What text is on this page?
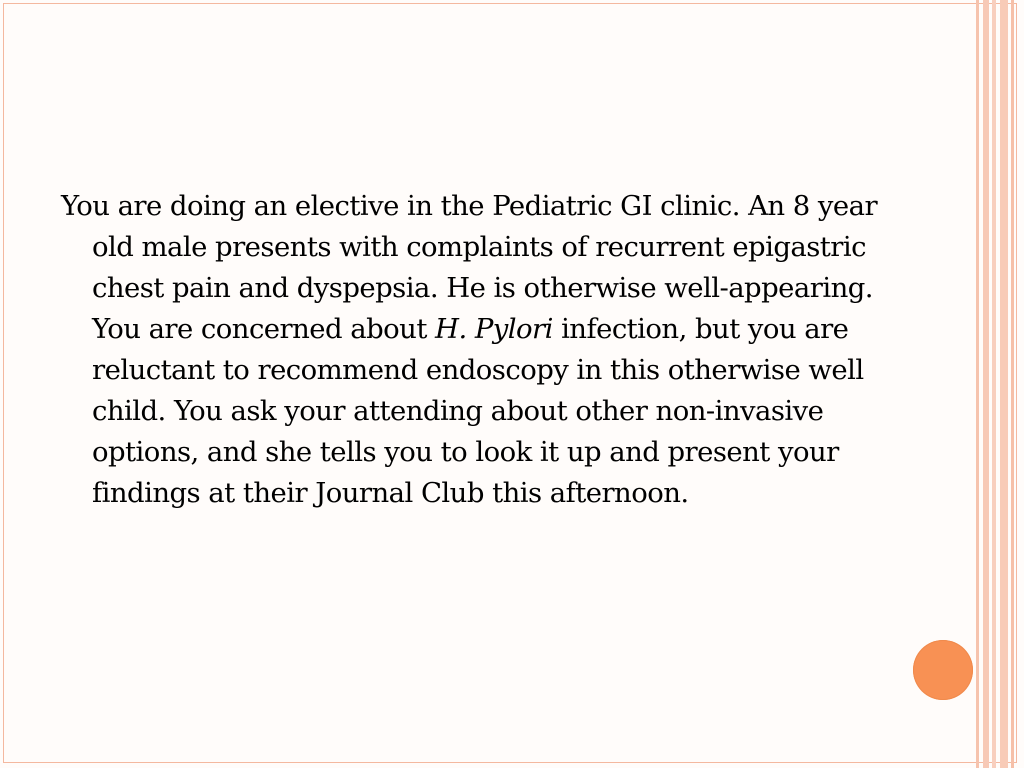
You are doing an elective in the Pediatric GI clinic. An 8 year old male presents with complaints of recurrent epigastric chest pain and dyspepsia. He is otherwise well-appearing. You are concerned about H. Pylori infection, but you are reluctant to recommend endoscopy in this otherwise well child. You ask your attending about other non-invasive options, and she tells you to look it up and present your findings at their Journal Club this afternoon.
